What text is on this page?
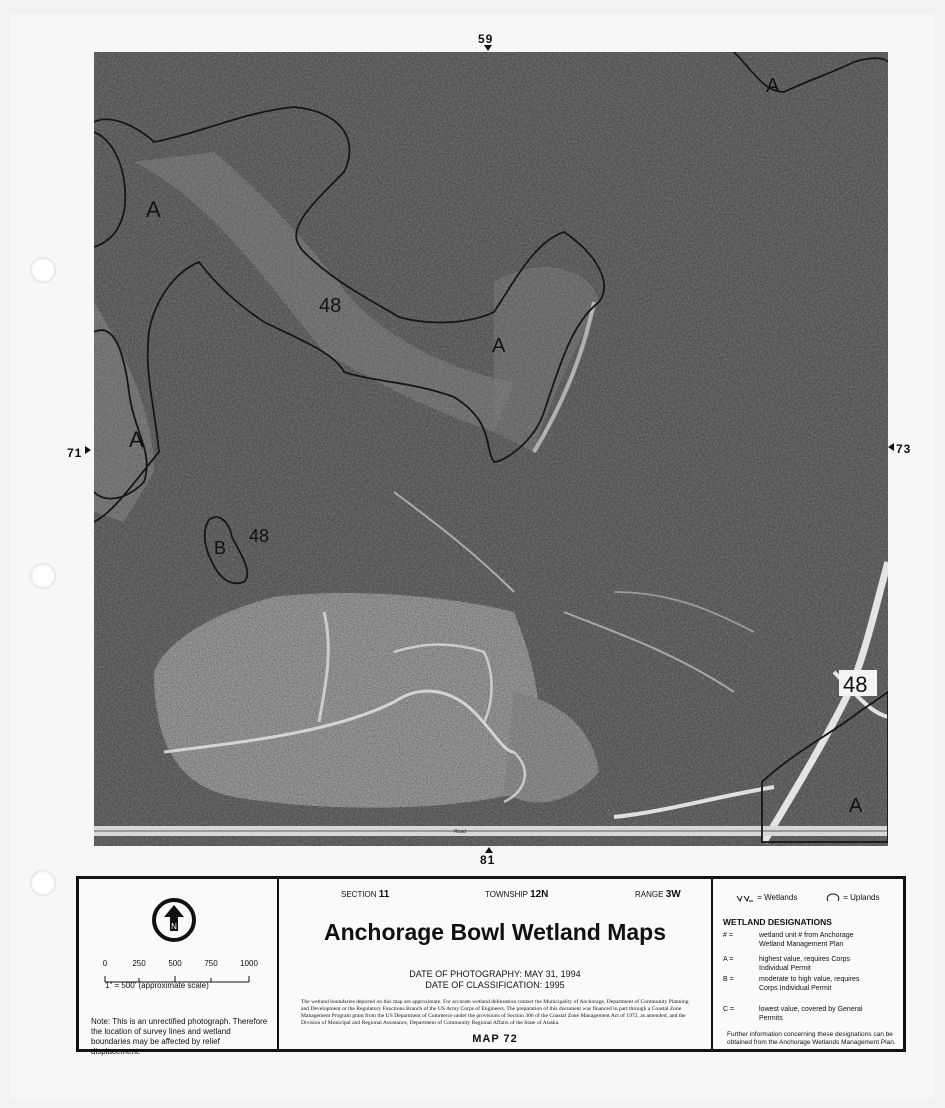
59
81
71	73
Road
A
48
A
A
B
48
48
A
A
N
0	250	500	750	1000
1" = 500' (approximate scale)
Note: This is an unrectified photograph. Therefore the location of survey lines and wetland boundaries may be affected by relief displacement.
SECTION 11	TOWNSHIP 12N	RANGE 3W
Anchorage Bowl Wetland Maps
DATE OF PHOTOGRAPHY: MAY 31, 1994
DATE OF CLASSIFICATION: 1995
The wetland boundaries depicted on this map are approximate. For accurate wetland delineation contact the Municipality of Anchorage, Department of Community Planning and Development or the Regulatory Functions Branch of the US Army Corps of Engineers. The preparation of this document was financed in part through a Coastal Zone Management Program grant from the US Department of Commerce under the provisions of Section 306 of the Coastal Zone Management Act of 1972, as amended, and the Division of Municipal and Regional Assistance, Department of Community Regional Affairs of the State of Alaska.
MAP 72
= Wetlands	= Uplands
WETLAND DESIGNATIONS
# =	wetland unit # from Anchorage Wetland Management Plan
A =	highest value, requires Corps Individual Permit
B =	moderate to high value, requires Corps Individual Permit
C =	lowest value, covered by General Permits
Further information concerning these designations can be obtained from the Anchorage Wetlands Management Plan.
